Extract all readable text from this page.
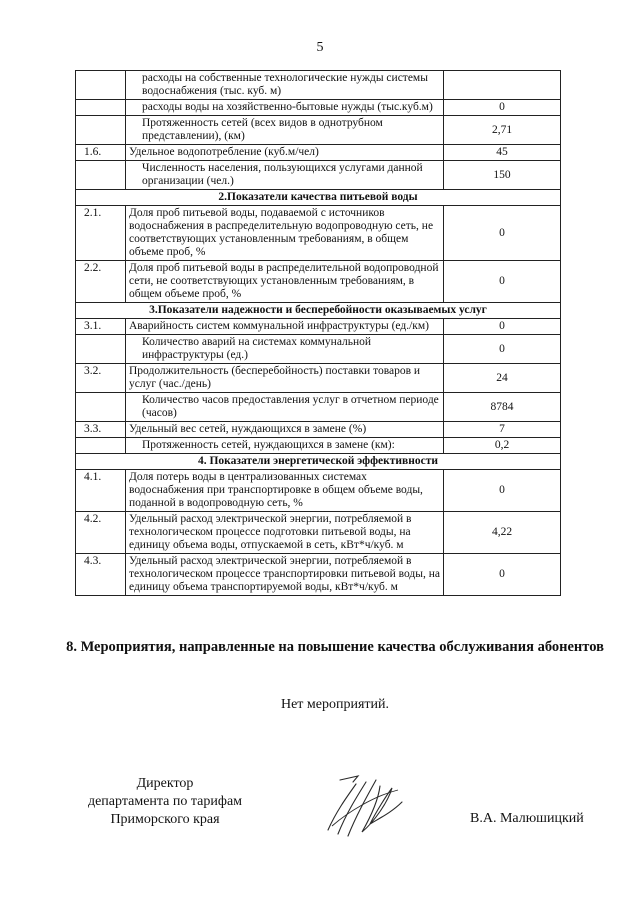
5
	расходы на собственные технологические нужды системы водоснабжения (тыс. куб. м)	
	расходы воды на хозяйственно-бытовые нужды (тыс.куб.м)	0
	Протяженность сетей (всех видов в однотрубном представлении), (км)	2,71
1.6.	Удельное водопотребление (куб.м/чел)	45
	Численность населения, пользующихся услугами данной организации (чел.)	150
2.Показатели качества питьевой воды		
2.1.	Доля проб питьевой воды, подаваемой с источников водоснабжения в распределительную водопроводную сеть, не соответствующих установленным требованиям, в общем объеме проб, %	0
2.2.	Доля проб питьевой воды в распределительной водопроводной сети, не соответствующих установленным требованиям, в общем объеме проб, %	0
3.Показатели надежности и бесперебойности оказываемых услуг		
3.1.	Аварийность систем коммунальной инфраструктуры (ед./км)	0
	Количество аварий на системах коммунальной инфраструктуры (ед.)	0
3.2.	Продолжительность (бесперебойность) поставки товаров и услуг (час./день)	24
	Количество часов предоставления услуг в отчетном периоде (часов)	8784
3.3.	Удельный вес сетей, нуждающихся в замене (%)	7
	Протяженность сетей, нуждающихся в замене (км):	0,2
4. Показатели энергетической эффективности		
4.1.	Доля потерь воды в централизованных системах водоснабжения при транспортировке в общем объеме воды, поданной в водопроводную сеть, %	0
4.2.	Удельный расход электрической энергии, потребляемой в технологическом процессе подготовки питьевой воды, на единицу объема воды, отпускаемой в сеть, кВт*ч/куб. м	4,22
4.3.	Удельный расход электрической энергии, потребляемой в технологическом процессе транспортировки питьевой воды, на единицу объема транспортируемой воды, кВт*ч/куб. м	0
8. Мероприятия, направленные на повышение качества обслуживания абонентов
Нет мероприятий.
Директор
департамента по тарифам
Приморского края	В.А. Малюшицкий
